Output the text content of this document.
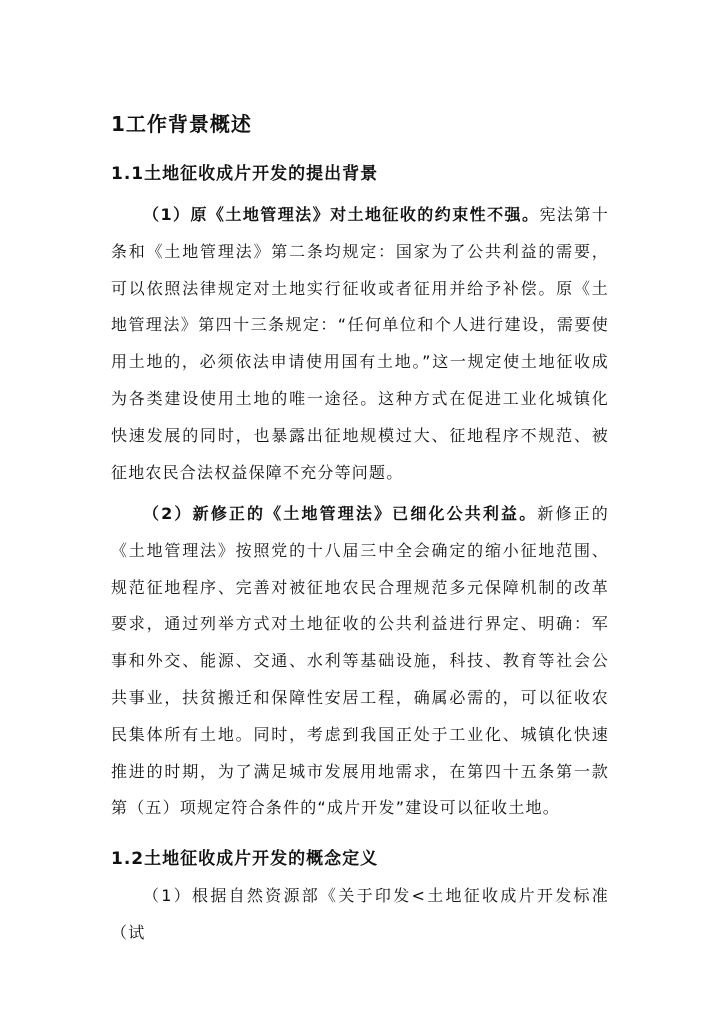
1工作背景概述
1.1土地征收成片开发的提出背景
（1）原《土地管理法》对土地征收的约束性不强。宪法第十条和《土地管理法》第二条均规定：国家为了公共利益的需要，可以依照法律规定对土地实行征收或者征用并给予补偿。原《土地管理法》第四十三条规定：“任何单位和个人进行建设，需要使用土地的，必须依法申请使用国有土地。”这一规定使土地征收成为各类建设使用土地的唯一途径。这种方式在促进工业化城镇化快速发展的同时，也暴露出征地规模过大、征地程序不规范、被征地农民合法权益保障不充分等问题。
（2）新修正的《土地管理法》已细化公共利益。新修正的《土地管理法》按照党的十八届三中全会确定的缩小征地范围、规范征地程序、完善对被征地农民合理规范多元保障机制的改革要求，通过列举方式对土地征收的公共利益进行界定、明确：军事和外交、能源、交通、水利等基础设施，科技、教育等社会公共事业，扶贫搬迁和保障性安居工程，确属必需的，可以征收农民集体所有土地。同时，考虑到我国正处于工业化、城镇化快速推进的时期，为了满足城市发展用地需求，在第四十五条第一款第（五）项规定符合条件的“成片开发”建设可以征收土地。
1.2土地征收成片开发的概念定义
（1）根据自然资源部《关于印发<土地征收成片开发标准（试
